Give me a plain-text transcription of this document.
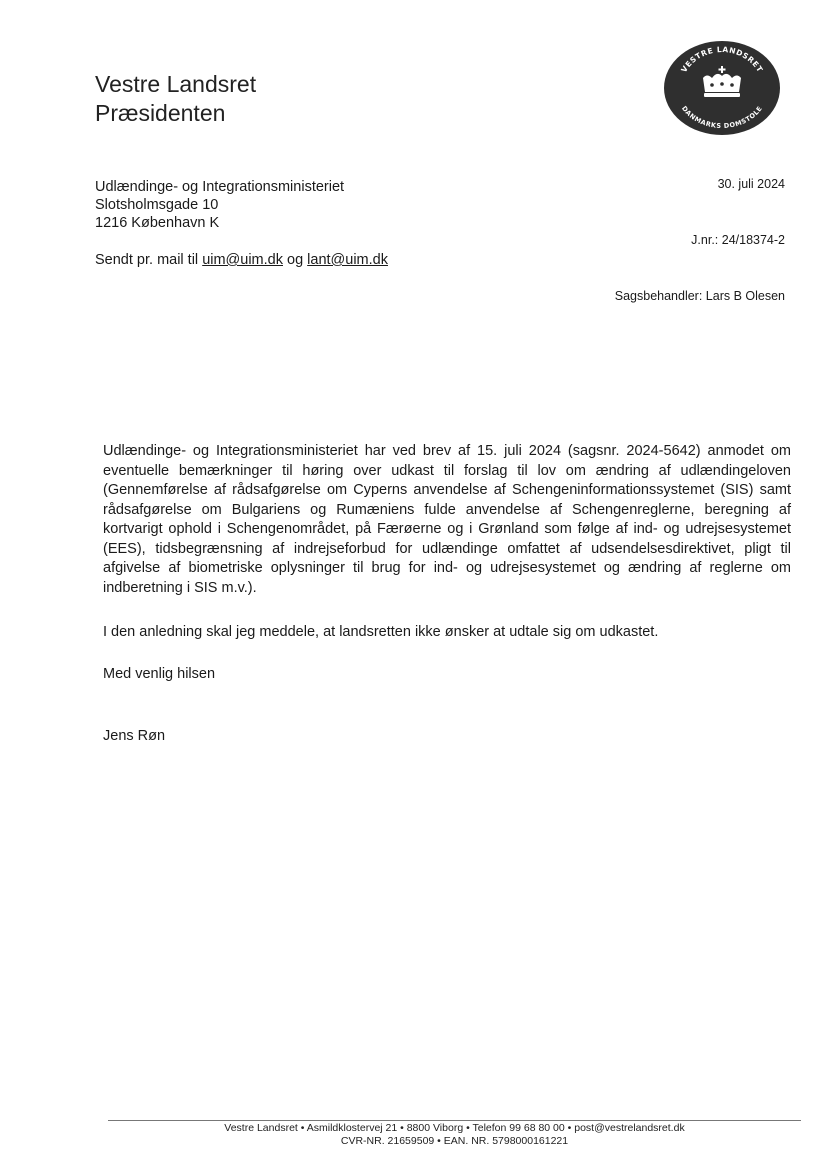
Vestre Landsret
Præsidenten
VESTRE LANDSRET
DANMARKS DOMSTOLE
Udlændinge- og Integrationsministeriet
Slotsholmsgade 10
1216 København K
Sendt pr. mail til uim@uim.dk og lant@uim.dk
30. juli 2024
J.nr.: 24/18374-2
Sagsbehandler: Lars B Olesen

Udlændinge- og Integrationsministeriet har ved brev af 15. juli 2024 (sagsnr. 2024-5642) anmodet om eventuelle bemærkninger til høring over udkast til forslag til lov om ændring af udlændingeloven (Gennemførelse af rådsafgørelse om Cyperns anvendelse af Schengeninformationssystemet (SIS) samt rådsafgørelse om Bulgariens og Rumæniens fulde anvendelse af Schengenreglerne, beregning af kortvarigt ophold i Schengenområdet, på Færøerne og i Grønland som følge af ind- og udrejsesystemet (EES), tidsbegrænsning af indrejseforbud for udlændinge omfattet af udsendelsesdirektivet, pligt til afgivelse af biometriske oplysninger til brug for ind- og udrejsesystemet og ændring af reglerne om indberetning i SIS m.v.).

I den anledning skal jeg meddele, at landsretten ikke ønsker at udtale sig om udkastet.
Med venlig hilsen
Jens Røn
Vestre Landsret • Asmildklostervej 21 • 8800 Viborg • Telefon 99 68 80 00 • post@vestrelandsret.dk
CVR-NR. 21659509 • EAN. NR. 5798000161221
